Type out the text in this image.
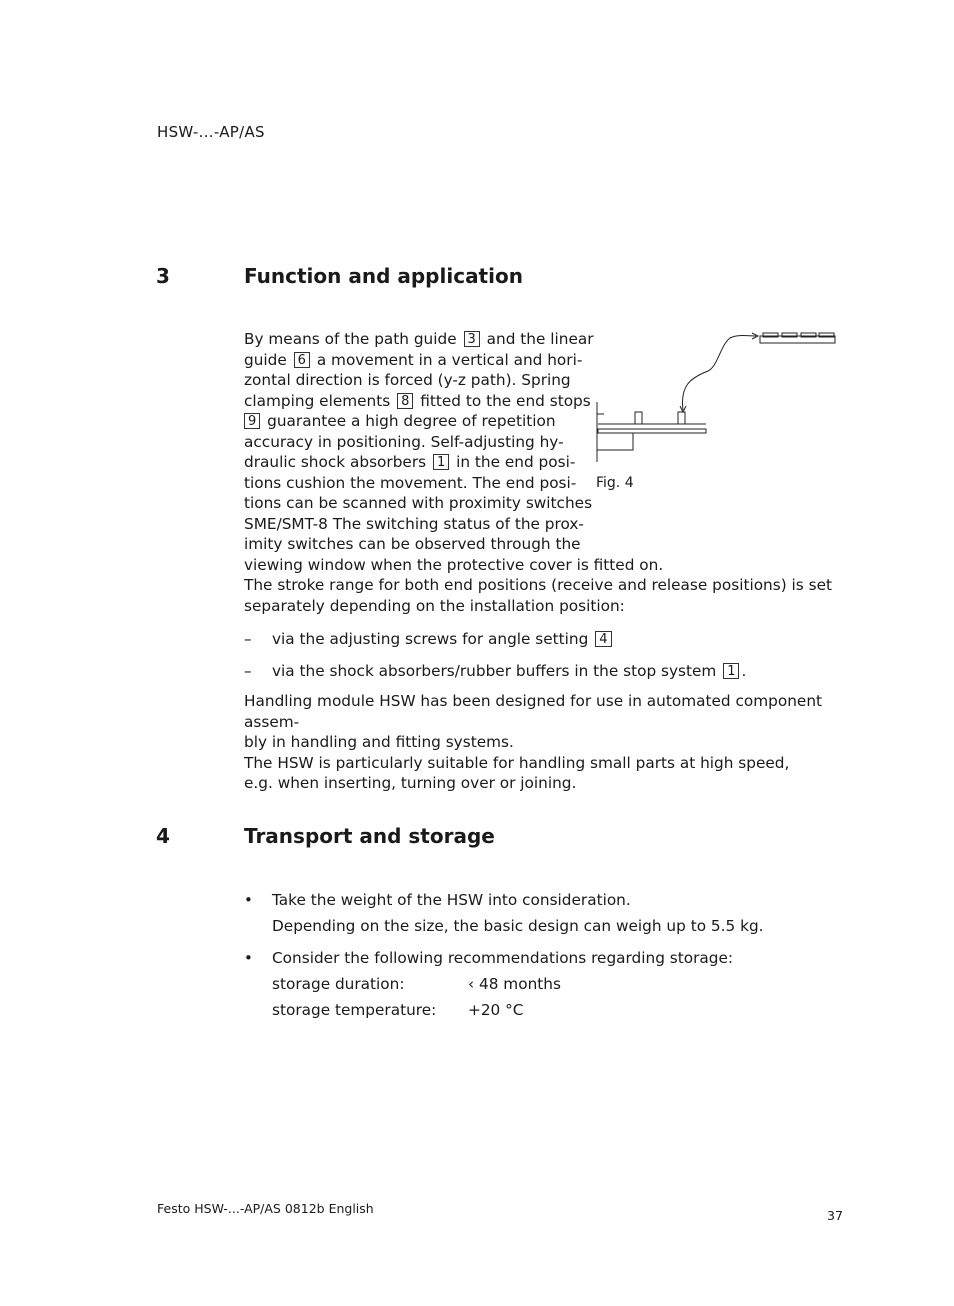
HSW-...-AP/AS
3	Function and application
By means of the path guide 3 and the linear
guide 6 a movement in a vertical and hori-
zontal direction is forced (y-z path). Spring
clamping elements 8 fitted to the end stops
9 guarantee a high degree of repetition
accuracy in positioning. Self-adjusting hy-
draulic shock absorbers 1 in the end posi-
tions cushion the movement. The end posi-
tions can be scanned with proximity switches
SME/SMT-8 The switching status of the prox-
imity switches can be observed through the
viewing window when the protective cover is fitted on.
The stroke range for both end positions (receive and release positions) is set
separately depending on the installation position:
Fig. 4
– via the adjusting screws for angle setting 4
– via the shock absorbers/rubber buffers in the stop system 1 .
Handling module HSW has been designed for use in automated component assem-
bly in handling and fitting systems.
The HSW is particularly suitable for handling small parts at high speed,
e.g. when inserting, turning over or joining.
4	Transport and storage
• Take the weight of the HSW into consideration.
Depending on the size, the basic design can weigh up to 5.5 kg.
• Consider the following recommendations regarding storage:
storage duration:	‹ 48 months
storage temperature: +20 °C
Festo HSW-...-AP/AS 0812b English	37
